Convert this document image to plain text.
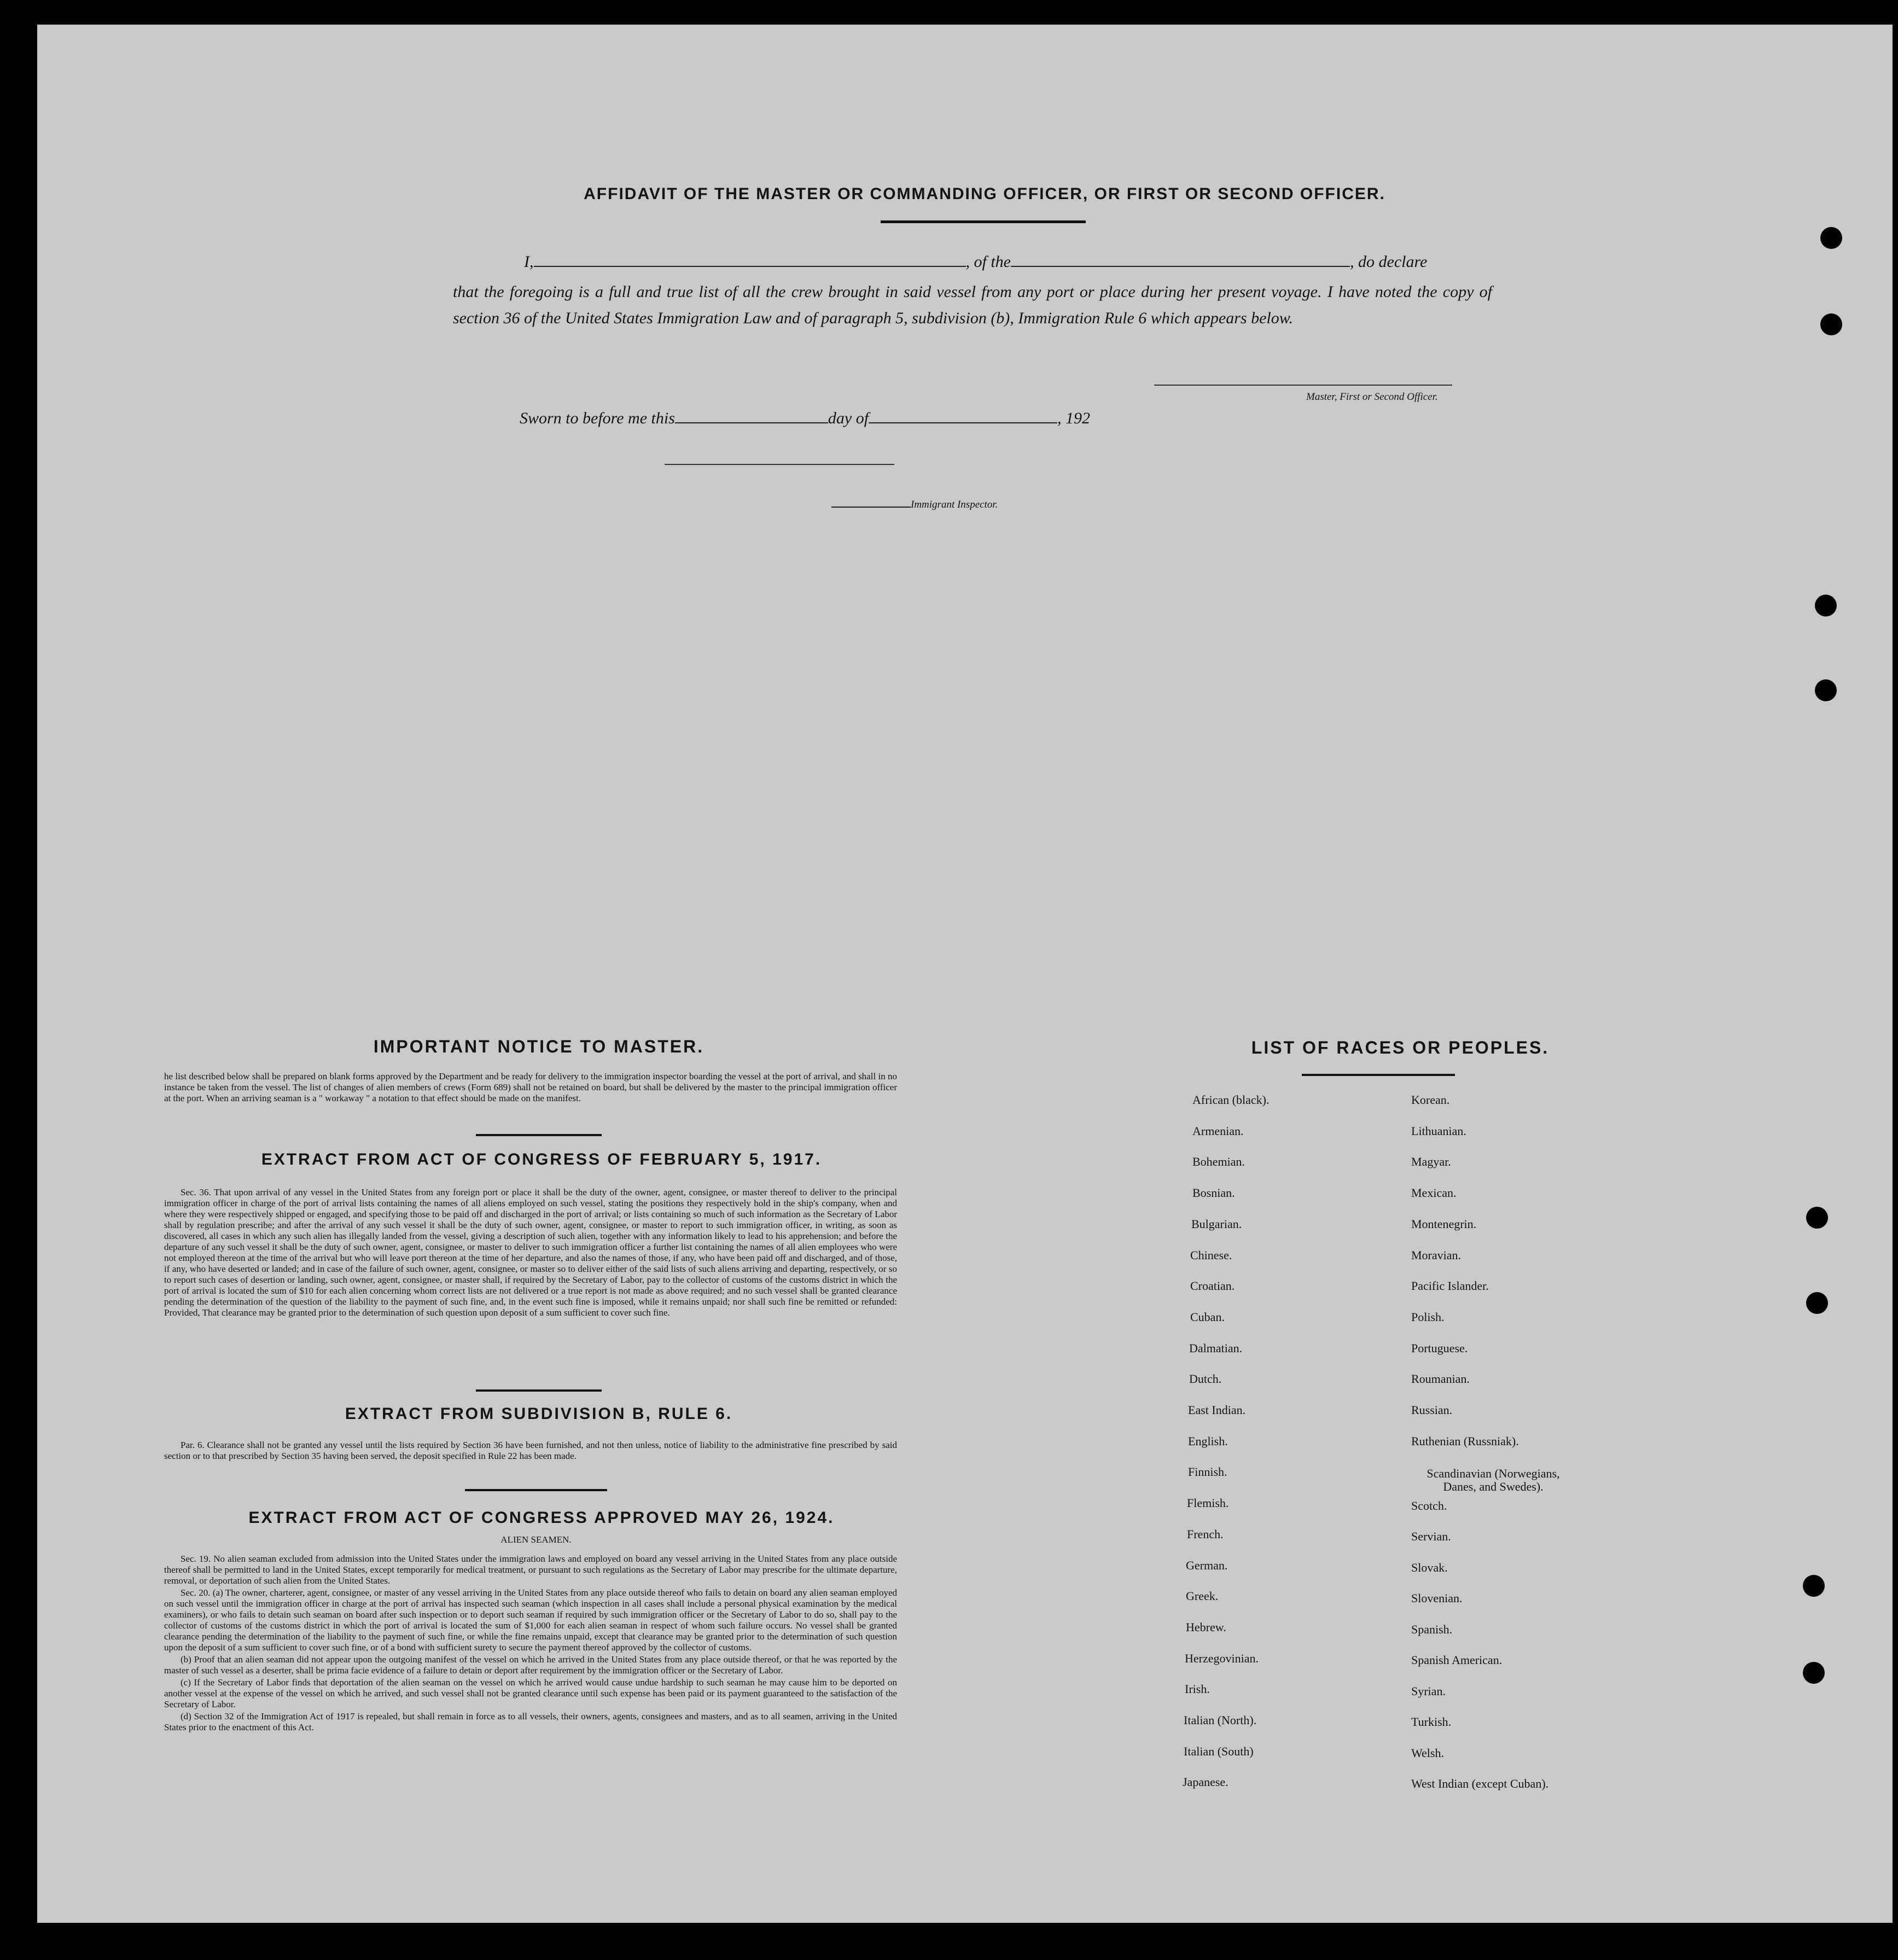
AFFIDAVIT OF THE MASTER OR COMMANDING OFFICER, OR FIRST OR SECOND OFFICER.
I,	, of the	, do declare
that the foregoing is a full and true list of all the crew brought in said vessel from any port or place during her present voyage. I have noted the copy of section 36 of the United States Immigration Law and of paragraph 5, subdivision (b), Immigration Rule 6 which appears below.
Master, First or Second Officer.
Sworn to before me this	day of	, 192
Immigrant Inspector.
IMPORTANT NOTICE TO MASTER.
he list described below shall be prepared on blank forms approved by the Department and be ready for delivery to the immigration inspector boarding the vessel at the port of arrival, and shall in no instance be taken from the vessel. The list of changes of alien members of crews (Form 689) shall not be retained on board, but shall be delivered by the master to the principal immigration officer at the port. When an arriving seaman is a " workaway " a notation to that effect should be made on the manifest.
EXTRACT FROM ACT OF CONGRESS OF FEBRUARY 5, 1917.

Sec. 36. That upon arrival of any vessel in the United States from any foreign port or place it shall be the duty of the owner, agent, consignee, or master thereof to deliver to the principal immigration officer in charge of the port of arrival lists containing the names of all aliens employed on such vessel, stating the positions they respectively hold in the ship's company, when and where they were respectively shipped or engaged, and specifying those to be paid off and discharged in the port of arrival; or lists containing so much of such information as the Secretary of Labor shall by regulation prescribe; and after the arrival of any such vessel it shall be the duty of such owner, agent, consignee, or master to report to such immigration officer, in writing, as soon as discovered, all cases in which any such alien has illegally landed from the vessel, giving a description of such alien, together with any information likely to lead to his apprehension; and before the departure of any such vessel it shall be the duty of such owner, agent, consignee, or master to deliver to such immigration officer a further list containing the names of all alien employees who were not employed thereon at the time of the arrival but who will leave port thereon at the time of her departure, and also the names of those, if any, who have been paid off and discharged, and of those, if any, who have deserted or landed; and in case of the failure of such owner, agent, consignee, or master so to deliver either of the said lists of such aliens arriving and departing, respectively, or so to report such cases of desertion or landing, such owner, agent, consignee, or master shall, if required by the Secretary of Labor, pay to the collector of customs of the customs district in which the port of arrival is located the sum of $10 for each alien concerning whom correct lists are not delivered or a true report is not made as above required; and no such vessel shall be granted clearance pending the determination of the question of the liability to the payment of such fine, and, in the event such fine is imposed, while it remains unpaid; nor shall such fine be remitted or refunded: Provided, That clearance may be granted prior to the determination of such question upon deposit of a sum sufficient to cover such fine.

EXTRACT FROM SUBDIVISION B, RULE 6.

Par. 6. Clearance shall not be granted any vessel until the lists required by Section 36 have been furnished, and not then unless, notice of liability to the administrative fine prescribed by said section or to that prescribed by Section 35 having been served, the deposit specified in Rule 22 has been made.

EXTRACT FROM ACT OF CONGRESS APPROVED MAY 26, 1924.
ALIEN SEAMEN.

Sec. 19. No alien seaman excluded from admission into the United States under the immigration laws and employed on board any vessel arriving in the United States from any place outside thereof shall be permitted to land in the United States, except temporarily for medical treatment, or pursuant to such regulations as the Secretary of Labor may prescribe for the ultimate departure, removal, or deportation of such alien from the United States.

Sec. 20. (a) The owner, charterer, agent, consignee, or master of any vessel arriving in the United States from any place outside thereof who fails to detain on board any alien seaman employed on such vessel until the immigration officer in charge at the port of arrival has inspected such seaman (which inspection in all cases shall include a personal physical examination by the medical examiners), or who fails to detain such seaman on board after such inspection or to deport such seaman if required by such immigration officer or the Secretary of Labor to do so, shall pay to the collector of customs of the customs district in which the port of arrival is located the sum of $1,000 for each alien seaman in respect of whom such failure occurs. No vessel shall be granted clearance pending the determination of the liability to the payment of such fine, or while the fine remains unpaid, except that clearance may be granted prior to the determination of such question upon the deposit of a sum sufficient to cover such fine, or of a bond with sufficient surety to secure the payment thereof approved by the collector of customs.

(b) Proof that an alien seaman did not appear upon the outgoing manifest of the vessel on which he arrived in the United States from any place outside thereof, or that he was reported by the master of such vessel as a deserter, shall be prima facie evidence of a failure to detain or deport after requirement by the immigration officer or the Secretary of Labor.

(c) If the Secretary of Labor finds that deportation of the alien seaman on the vessel on which he arrived would cause undue hardship to such seaman he may cause him to be deported on another vessel at the expense of the vessel on which he arrived, and such vessel shall not be granted clearance until such expense has been paid or its payment guaranteed to the satisfaction of the Secretary of Labor.

(d) Section 32 of the Immigration Act of 1917 is repealed, but shall remain in force as to all vessels, their owners, agents, consignees and masters, and as to all seamen, arriving in the United States prior to the enactment of this Act.

LIST OF RACES OR PEOPLES.
African (black).
Armenian.
Bohemian.
Bosnian.
Bulgarian.
Chinese.
Croatian.
Cuban.
Dalmatian.
Dutch.
East Indian.
English.
Finnish.
Flemish.
French.
German.
Greek.
Hebrew.
Herzegovinian.
Irish.
Italian (North).
Italian (South)
Japanese.
Korean.
Lithuanian.
Magyar.
Mexican.
Montenegrin.
Moravian.
Pacific Islander.
Polish.
Portuguese.
Roumanian.
Russian.
Ruthenian (Russniak).
Scandinavian (Norwegians, Danes, and Swedes).
Scotch.
Servian.
Slovak.
Slovenian.
Spanish.
Spanish American.
Syrian.
Turkish.
Welsh.
West Indian (except Cuban).
